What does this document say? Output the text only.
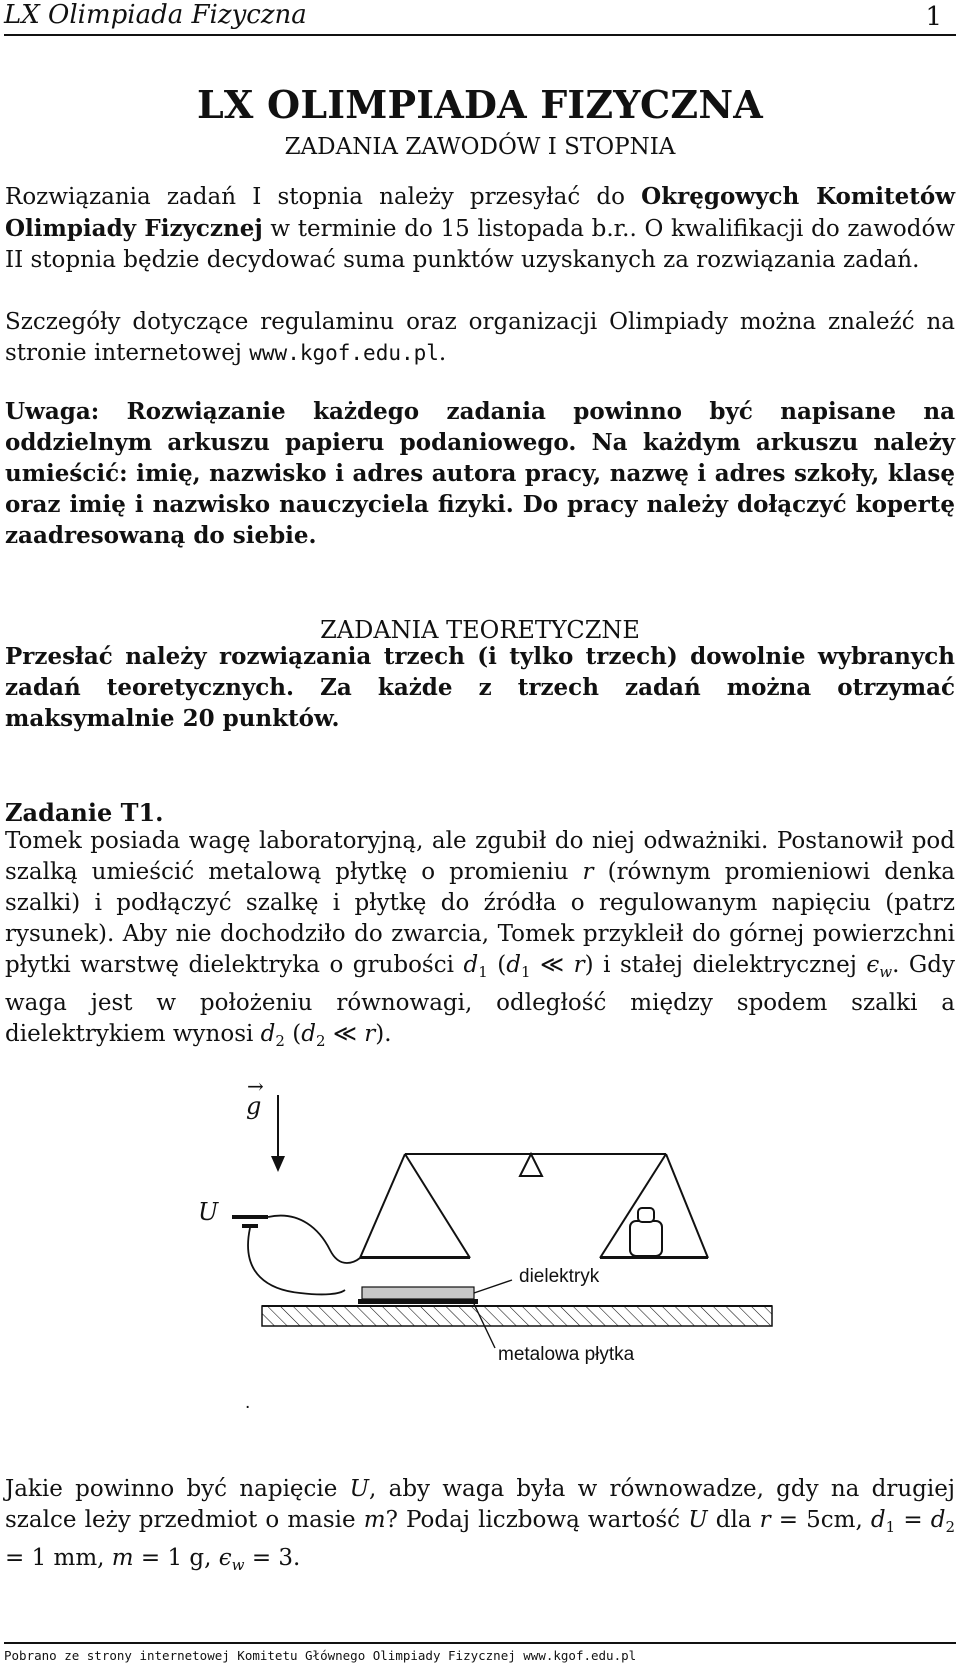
LX Olimpiada Fizyczna	1
LX OLIMPIADA FIZYCZNA
ZADANIA ZAWODÓW I STOPNIA
Rozwiązania zadań I stopnia należy przesyłać do Okręgowych Komitetów Olimpiady Fizycznej w terminie do 15 listopada b.r.. O kwalifikacji do zawodów II stopnia będzie decydować suma punktów uzyskanych za rozwiązania zadań.
Szczegóły dotyczące regulaminu oraz organizacji Olimpiady można znaleźć na stronie internetowej www.kgof.edu.pl.
Uwaga: Rozwiązanie każdego zadania powinno być napisane na oddzielnym arkuszu papieru podaniowego. Na każdym arkuszu należy umieścić: imię, nazwisko i adres autora pracy, nazwę i adres szkoły, klasę oraz imię i nazwisko nauczyciela fizyki. Do pracy należy dołączyć kopertę zaadresowaną do siebie.
ZADANIA TEORETYCZNE
Przesłać należy rozwiązania trzech (i tylko trzech) dowolnie wybranych zadań teoretycznych. Za każde z trzech zadań można otrzymać maksymalnie 20 punktów.
Zadanie T1.
Tomek posiada wagę laboratoryjną, ale zgubił do niej odważniki. Postanowił pod szalką umieścić metalową płytkę o promieniu r (równym promieniowi denka szalki) i podłączyć szalkę i płytkę do źródła o regulowanym napięciu (patrz rysunek). Aby nie dochodziło do zwarcia, Tomek przykleił do górnej powierzchni płytki warstwę dielektryka o grubości $d_1$ ($d_1$ ≪ r) i stałej dielektrycznej $\epsilon_w$. Gdy waga jest w położeniu równowagi, odległość między spodem szalki a dielektrykiem wynosi $d_2$ ($d_2$ ≪ r).
→
g
U
dielektryk
metalowa płytka
.
Jakie powinno być napięcie U, aby waga była w równowadze, gdy na drugiej szalce leży przedmiot o masie m? Podaj liczbową wartość U dla r = 5cm, $d_1 = d_2 = 1$ mm, m = 1 g, $\epsilon_w = 3$.
Pobrano ze strony internetowej Komitetu Głównego Olimpiady Fizycznej www.kgof.edu.pl
